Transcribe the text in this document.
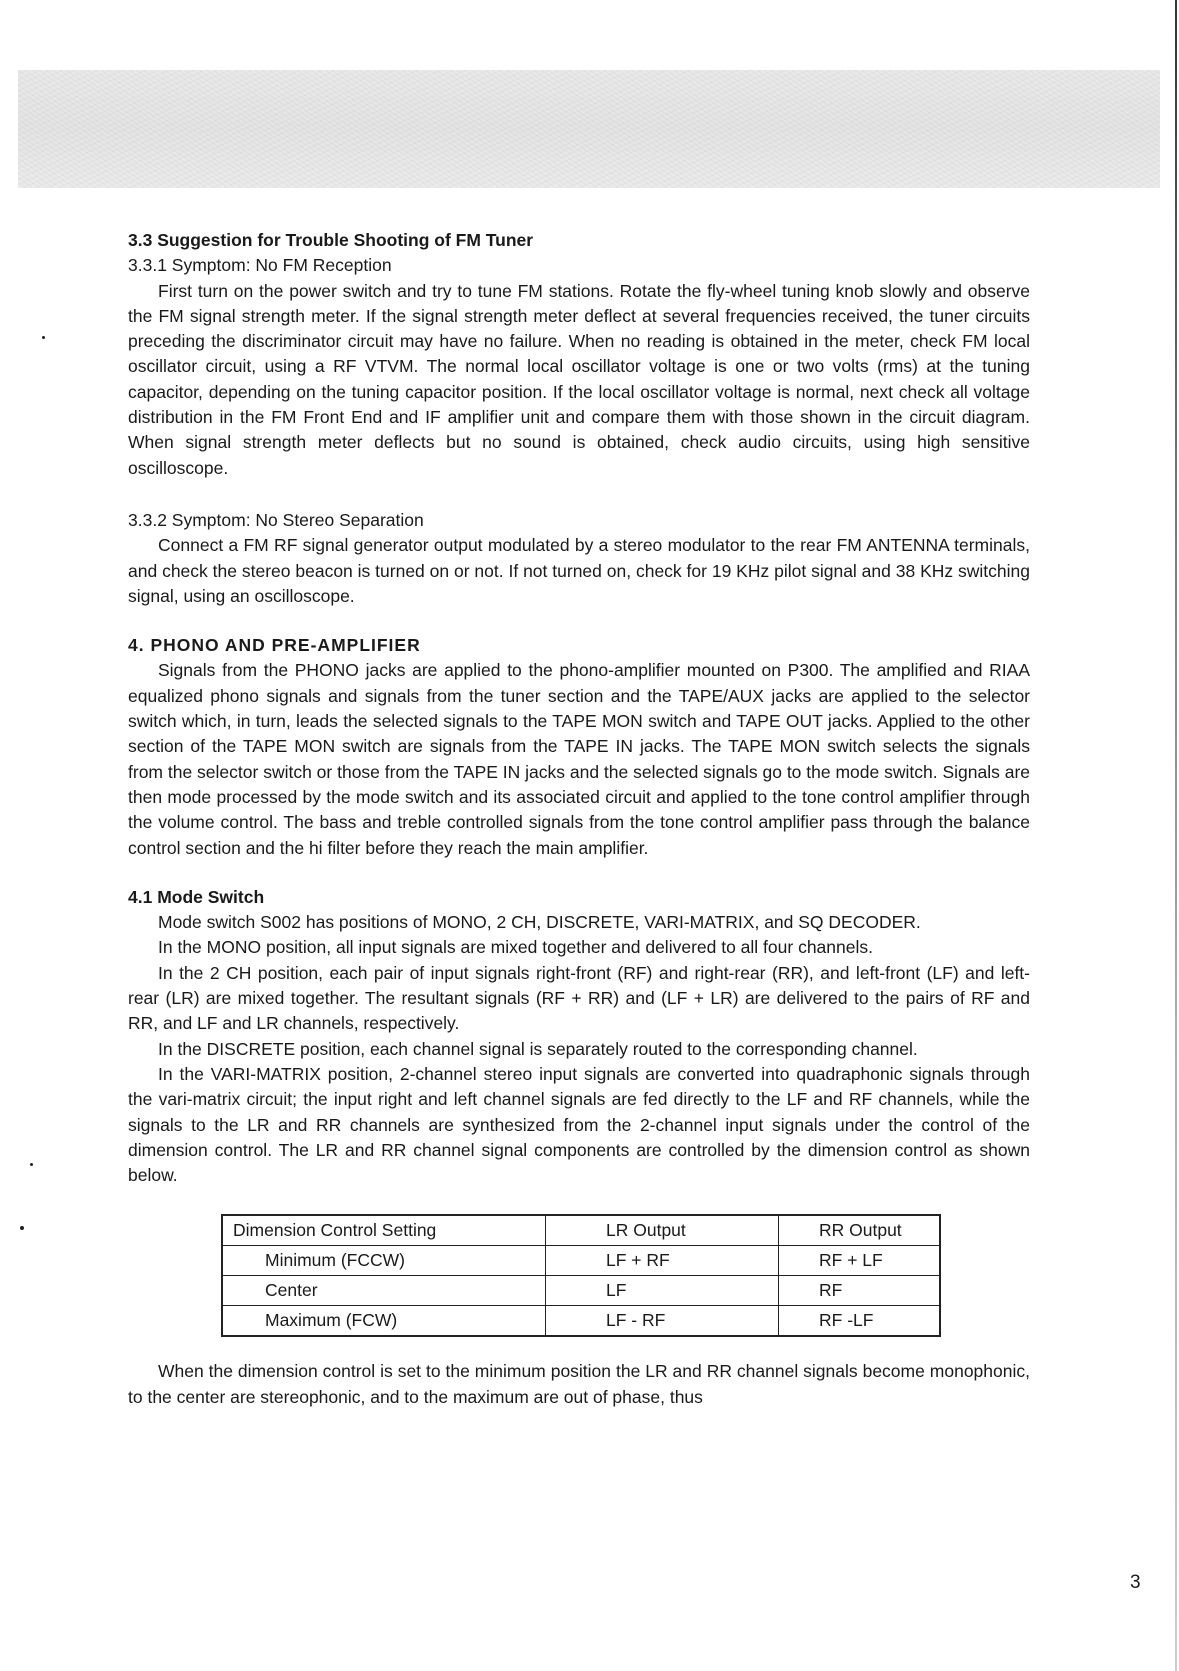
3.3 Suggestion for Trouble Shooting of FM Tuner

3.3.1 Symptom: No FM Reception

First turn on the power switch and try to tune FM stations. Rotate the fly-wheel tuning knob slowly and observe the FM signal strength meter. If the signal strength meter deflect at several frequencies received, the tuner circuits preceding the discriminator circuit may have no failure. When no reading is obtained in the meter, check FM local oscillator circuit, using a RF VTVM. The normal local oscillator voltage is one or two volts (rms) at the tuning capacitor, depending on the tuning capacitor position. If the local oscillator voltage is normal, next check all voltage distribution in the FM Front End and IF amplifier unit and compare them with those shown in the circuit diagram. When signal strength meter deflects but no sound is obtained, check audio circuits, using high sensitive oscilloscope.

3.3.2 Symptom: No Stereo Separation

Connect a FM RF signal generator output modulated by a stereo modulator to the rear FM ANTENNA terminals, and check the stereo beacon is turned on or not. If not turned on, check for 19 KHz pilot signal and 38 KHz switching signal, using an oscilloscope.

4. PHONO AND PRE-AMPLIFIER

Signals from the PHONO jacks are applied to the phono-amplifier mounted on P300. The amplified and RIAA equalized phono signals and signals from the tuner section and the TAPE/AUX jacks are applied to the selector switch which, in turn, leads the selected signals to the TAPE MON switch and TAPE OUT jacks. Applied to the other section of the TAPE MON switch are signals from the TAPE IN jacks. The TAPE MON switch selects the signals from the selector switch or those from the TAPE IN jacks and the selected signals go to the mode switch. Signals are then mode processed by the mode switch and its associated circuit and applied to the tone control amplifier through the volume control. The bass and treble controlled signals from the tone control amplifier pass through the balance control section and the hi filter before they reach the main amplifier.

4.1 Mode Switch

Mode switch S002 has positions of MONO, 2 CH, DISCRETE, VARI-MATRIX, and SQ DECODER.

In the MONO position, all input signals are mixed together and delivered to all four channels.

In the 2 CH position, each pair of input signals right-front (RF) and right-rear (RR), and left-front (LF) and left-rear (LR) are mixed together. The resultant signals (RF + RR) and (LF + LR) are delivered to the pairs of RF and RR, and LF and LR channels, respectively.

In the DISCRETE position, each channel signal is separately routed to the corresponding channel.

In the VARI-MATRIX position, 2-channel stereo input signals are converted into quadraphonic signals through the vari-matrix circuit; the input right and left channel signals are fed directly to the LF and RF channels, while the signals to the LR and RR channels are synthesized from the 2-channel input signals under the control of the dimension control. The LR and RR channel signal components are controlled by the dimension control as shown below.

Dimension Control Setting	LR Output	RR Output
Minimum (FCCW)	LF + RF	RF + LF
Center	LF	RF
Maximum (FCW)	LF - RF	RF -LF

When the dimension control is set to the minimum position the LR and RR channel signals become monophonic, to the center are stereophonic, and to the maximum are out of phase, thus

3
